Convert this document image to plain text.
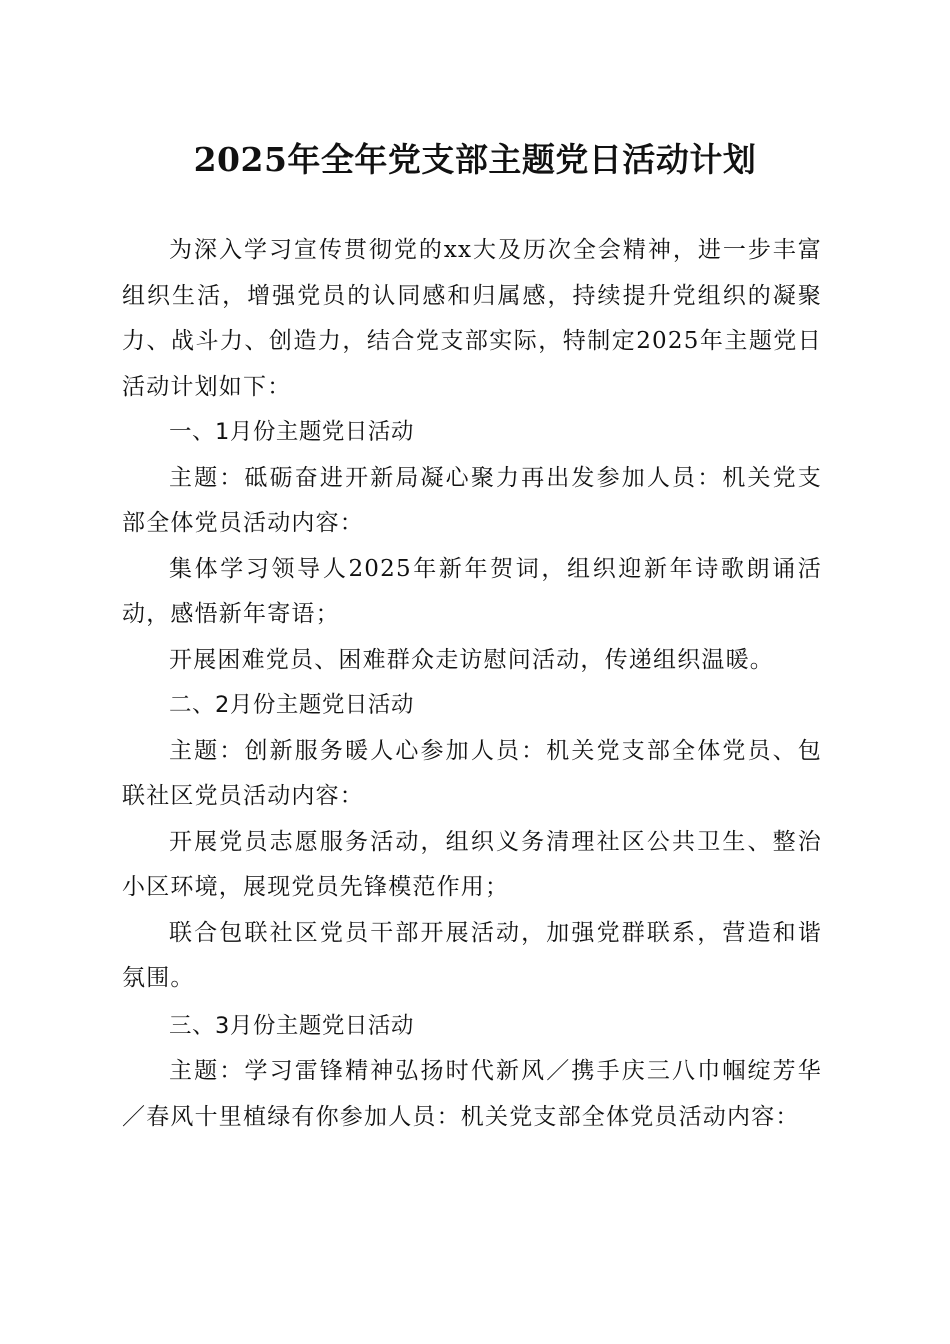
2025年全年党支部主题党日活动计划

为深入学习宣传贯彻党的xx大及历次全会精神，进一步丰富组织生活，增强党员的认同感和归属感，持续提升党组织的凝聚力、战斗力、创造力，结合党支部实际，特制定2025年主题党日活动计划如下：

一、1月份主题党日活动

主题：砥砺奋进开新局凝心聚力再出发参加人员：机关党支部全体党员活动内容：

集体学习领导人2025年新年贺词，组织迎新年诗歌朗诵活动，感悟新年寄语；

开展困难党员、困难群众走访慰问活动，传递组织温暖。

二、2月份主题党日活动

主题：创新服务暖人心参加人员：机关党支部全体党员、包联社区党员活动内容：

开展党员志愿服务活动，组织义务清理社区公共卫生、整治小区环境，展现党员先锋模范作用；

联合包联社区党员干部开展活动，加强党群联系，营造和谐氛围。

三、3月份主题党日活动

主题：学习雷锋精神弘扬时代新风／携手庆三八巾帼绽芳华／春风十里植绿有你参加人员：机关党支部全体党员活动内容：
